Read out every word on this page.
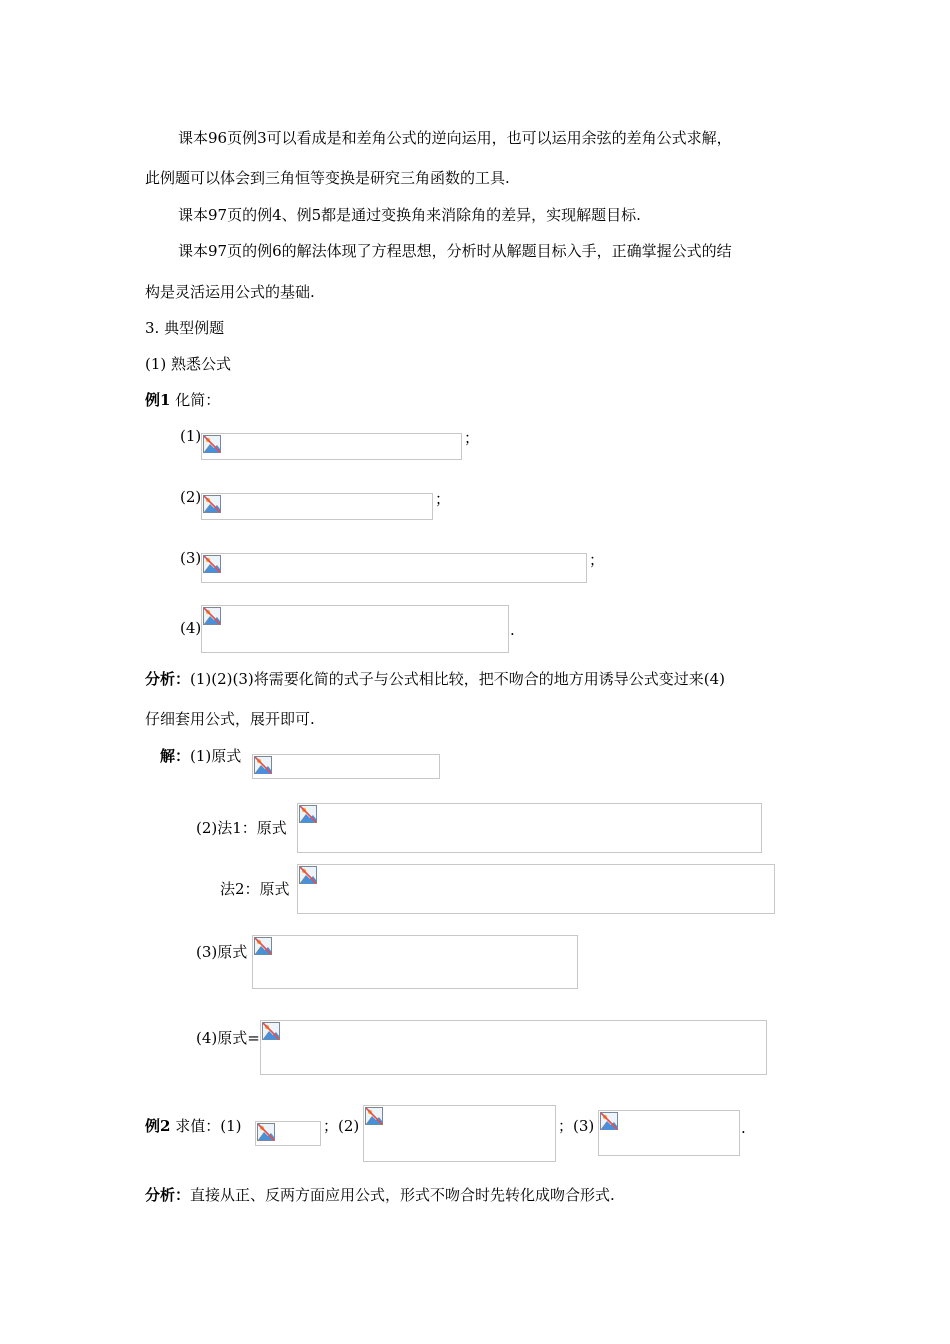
课本96页例3可以看成是和差角公式的逆向运用，也可以运用余弦的差角公式求解，
此例题可以体会到三角恒等变换是研究三角函数的工具.
课本97页的例4、例5都是通过变换角来消除角的差异，实现解题目标.
课本97页的例6的解法体现了方程思想，分析时从解题目标入手，正确掌握公式的结
构是灵活运用公式的基础.
3. 典型例题
(1) 熟悉公式
例1 化简：
(1)	；
(2)	；
(3)	；
(4)	.
分析：(1)(2)(3)将需要化简的式子与公式相比较，把不吻合的地方用诱导公式变过来(4)
仔细套用公式，展开即可.
解：(1)原式
(2)法1：原式
法2：原式
(3)原式
(4)原式=
例2 求值：(1)	；(2)	；(3)	.
分析：直接从正、反两方面应用公式，形式不吻合时先转化成吻合形式.
